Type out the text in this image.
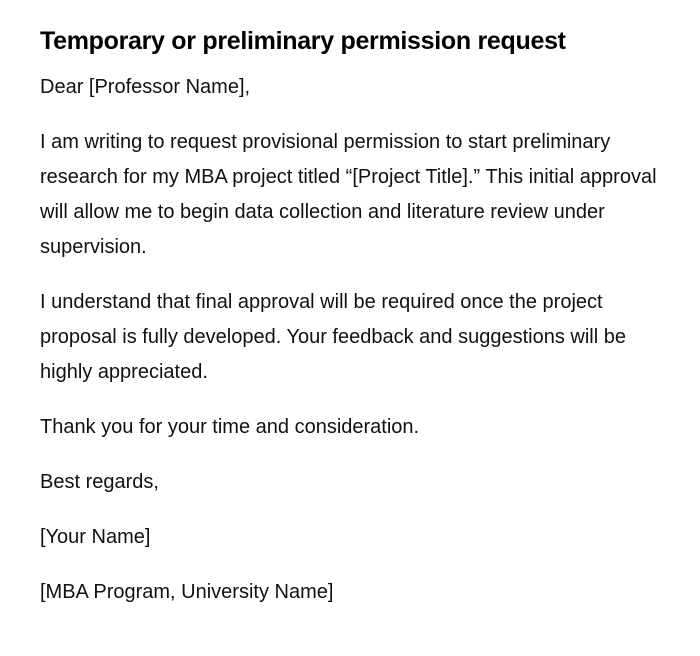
Temporary or preliminary permission request

Dear [Professor Name],

I am writing to request provisional permission to start preliminary research for my MBA project titled “[Project Title].” This initial approval will allow me to begin data collection and literature review under supervision.

I understand that final approval will be required once the project proposal is fully developed. Your feedback and suggestions will be highly appreciated.

Thank you for your time and consideration.

Best regards,

[Your Name]

[MBA Program, University Name]
